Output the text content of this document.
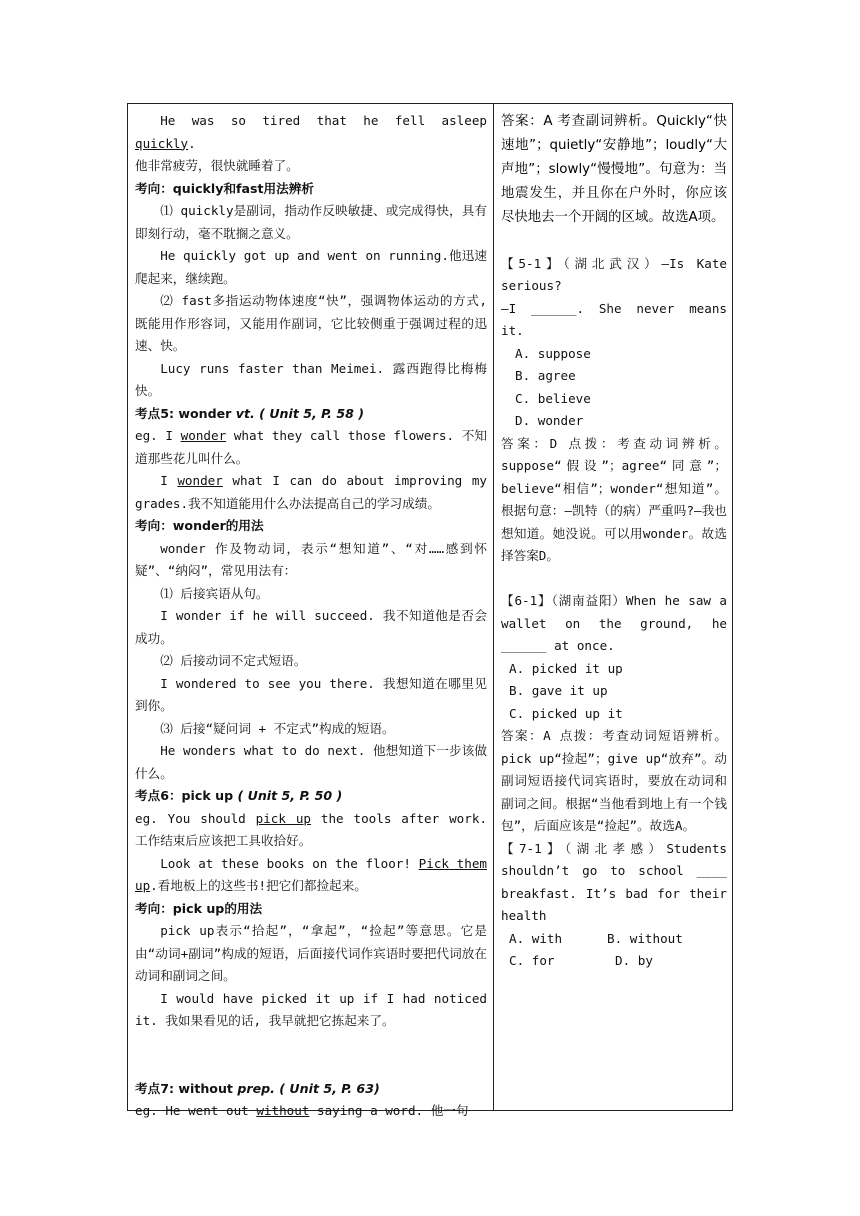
He was so tired that he fell asleep quickly.
他非常疲劳，很快就睡着了。

考向：quickly和fast用法辨析

⑴ quickly是副词，指动作反映敏捷、或完成得快，具有即刻行动，毫不耽搁之意义。

He quickly got up and went on running.他迅速爬起来，继续跑。

⑵ fast多指运动物体速度“快”，强调物体运动的方式, 既能用作形容词，又能用作副词，它比较侧重于强调过程的迅速、快。

Lucy runs faster than Meimei. 露西跑得比梅梅快。

考点5: wonder vt. ( Unit 5, P. 58 )

eg. I wonder what they call those flowers. 不知道那些花儿叫什么。

I wonder what I can do about improving my grades.我不知道能用什么办法提高自己的学习成绩。

考向：wonder的用法

wonder 作及物动词，表示“想知道”、“对……感到怀疑”、“纳闷”，常见用法有：

⑴ 后接宾语从句。

I wonder if he will succeed. 我不知道他是否会成功。

⑵ 后接动词不定式短语。

I wondered to see you there. 我想知道在哪里见到你。

⑶ 后接“疑问词 + 不定式”构成的短语。

He wonders what to do next. 他想知道下一步该做什么。

考点6：pick up ( Unit 5, P. 50 )

eg. You should pick up the tools after work. 工作结束后应该把工具收拾好。

Look at these books on the floor! Pick them up.看地板上的这些书!把它们都捡起来。

考向：pick up的用法

pick up表示“拾起”，“拿起”，“捡起”等意思。它是由“动词+副词”构成的短语，后面接代词作宾语时要把代词放在动词和副词之间。

I would have picked it up if I had noticed it. 我如果看见的话, 我早就把它拣起来了。

考点7: without prep. ( Unit 5, P. 63)

eg. He went out without saying a word. 他一句

答案：A 考查副词辨析。Quickly“快速地”；quietly“安静地”；loudly“大声地”；slowly“慢慢地”。句意为：当地震发生，并且你在户外时，你应该尽快地去一个开阔的区域。故选A项。

【5-1】（湖北武汉）—Is Kate serious?

—I ______. She never means it.

A. suppose
B. agree
C. believe
D. wonder

答案：D 点拨：考查动词辨析。suppose“假设”；agree“同意”；believe“相信”；wonder“想知道”。根据句意：—凯特（的病）严重吗?—我也想知道。她没说。可以用wonder。故选择答案D。

【6-1】（湖南益阳）When he saw a wallet on the ground, he ______ at once.

A. picked it up
B. gave it up
C. picked up it

答案：A 点拨：考查动词短语辨析。pick up“捡起”；give up“放弃”。动副词短语接代词宾语时，要放在动词和副词之间。根据“当他看到地上有一个钱包”，后面应该是“捡起”。故选A。

【7-1】（湖北孝感）Students shouldn’t go to school ____ breakfast. It’s bad for their health

A. with	B. without
C. for	D. by
